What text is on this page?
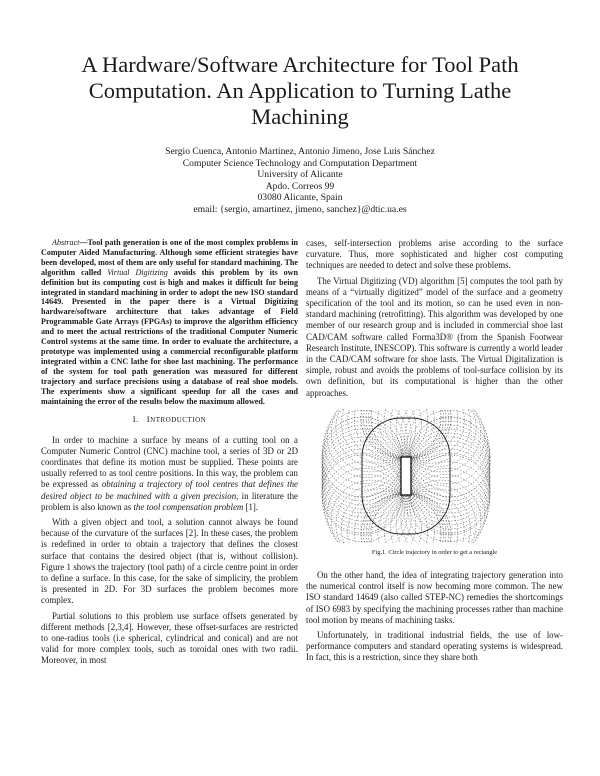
A Hardware/Software Architecture for Tool Path Computation. An Application to Turning Lathe Machining
Sergio Cuenca, Antonio Martinez, Antonio Jimeno, Jose Luis Sánchez
Computer Science Technology and Computation Department
University of Alicante
Apdo. Correos 99
03080 Alicante, Spain
email: {sergio, amartinez, jimeno, sanchez}@dtic.ua.es

Abstract—Tool path generation is one of the most complex problems in Computer Aided Manufacturing. Although some efficient strategies have been developed, most of them are only useful for standard machining. The algorithm called Virtual Digitizing avoids this problem by its own definition but its computing cost is high and makes it difficult for being integrated in standard machining in order to adopt the new ISO standard 14649. Presented in the paper there is a Virtual Digitizing hardware/software architecture that takes advantage of Field Programmable Gate Arrays (FPGAs) to improve the algorithm efficiency and to meet the actual restrictions of the traditional Computer Numeric Control systems at the same time. In order to evaluate the architecture, a prototype was implemented using a commercial reconfigurable platform integrated within a CNC lathe for shoe last machining. The performance of the system for tool path generation was measured for different trajectory and surface precisions using a database of real shoe models. The experiments show a significant speedup for all the cases and maintaining the error of the results below the maximum allowed.

I. INTRODUCTION

In order to machine a surface by means of a cutting tool on a Computer Numeric Control (CNC) machine tool, a series of 3D or 2D coordinates that define its motion must be supplied. These points are usually referred to as tool centre positions. In this way, the problem can be expressed as obtaining a trajectory of tool centres that defines the desired object to be machined with a given precision, in literature the problem is also known as the tool compensation problem [1].

With a given object and tool, a solution cannot always be found because of the curvature of the surfaces [2]. In these cases, the problem is redefined in order to obtain a trajectory that defines the closest surface that contains the desired object (that is, without collision). Figure 1 shows the trajectory (tool path) of a circle centre point in order to define a surface. In this case, for the sake of simplicity, the problem is presented in 2D. For 3D surfaces the problem becomes more complex.

Partial solutions to this problem use surface offsets generated by different methods [2,3,4]. However, these offset-surfaces are restricted to one-radius tools (i.e spherical, cylindrical and conical) and are not valid for more complex tools, such as toroidal ones with two radii. Moreover, in most

cases, self-intersection problems arise according to the surface curvature. Thus, more sophisticated and higher cost computing techniques are needed to detect and solve these problems.

The Virtual Digitizing (VD) algorithm [5] computes the tool path by means of a “virtually digitized” model of the surface and a geometry specification of the tool and its motion, so can be used even in non-standard machining (retrofitting). This algorithm was developed by one member of our research group and is included in commercial shoe last CAD/CAM software called Forma3D® (from the Spanish Footwear Research Institute, INESCOP). This software is currently a world leader in the CAD/CAM software for shoe lasts. The Virtual Digitalization is simple, robust and avoids the problems of tool-surface collision by its own definition, but its computational is higher than the other approaches.

Fig.1. Circle trajectory in order to get a rectangle

On the other hand, the idea of integrating trajectory generation into the numerical control itself is now becoming more common. The new ISO standard 14649 (also called STEP-NC) remedies the shortcomings of ISO 6983 by specifying the machining processes rather than machine tool motion by means of machining tasks.

Unfortunately, in traditional industrial fields, the use of low-performance computers and standard operating systems is widespread. In fact, this is a restriction, since they share both
